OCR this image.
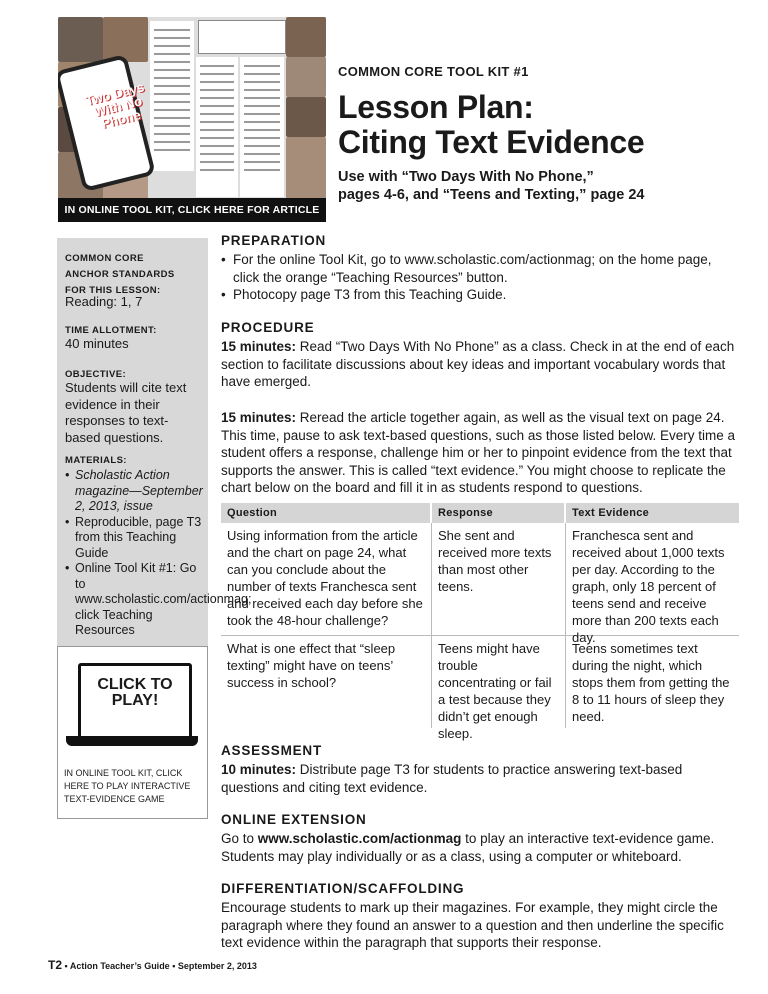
Two Days With No Phone
IN ONLINE TOOL KIT, CLICK HERE FOR ARTICLE
COMMON CORE TOOL KIT #1
Lesson Plan:
Citing Text Evidence
Use with “Two Days With No Phone,”
pages 4-6, and “Teens and Texting,” page 24
COMMON CORE
ANCHOR STANDARDS
FOR THIS LESSON:
Reading: 1, 7
TIME ALLOTMENT:
40 minutes
OBJECTIVE:
Students will cite text evidence in their responses to text-based questions.
MATERIALS:
• Scholastic Action magazine—September 2, 2013, issue
• Reproducible, page T3 from this Teaching Guide
• Online Tool Kit #1: Go to www.scholastic.com/actionmag; click Teaching Resources
CLICK TO PLAY!
IN ONLINE TOOL KIT, CLICK HERE TO PLAY INTERACTIVE TEXT-EVIDENCE GAME
PREPARATION
• For the online Tool Kit, go to www.scholastic.com/actionmag; on the home page, click the orange “Teaching Resources” button.
• Photocopy page T3 from this Teaching Guide.
PROCEDURE
15 minutes: Read “Two Days With No Phone” as a class. Check in at the end of each section to facilitate discussions about key ideas and important vocabulary words that have emerged.
15 minutes: Reread the article together again, as well as the visual text on page 24. This time, pause to ask text-based questions, such as those listed below. Every time a student offers a response, challenge him or her to pinpoint evidence from the text that supports the answer. This is called “text evidence.” You might choose to replicate the chart below on the board and fill it in as students respond to questions.
Question	Response	Text Evidence
Using information from the article and the chart on page 24, what can you conclude about the number of texts Franchesca sent and received each day before she took the 48-hour challenge?
She sent and received more texts than most other teens.
Franchesca sent and received about 1,000 texts per day. According to the graph, only 18 percent of teens send and receive more than 200 texts each day.
What is one effect that “sleep texting” might have on teens’ success in school?
Teens might have trouble concentrating or fail a test because they didn’t get enough sleep.
Teens sometimes text during the night, which stops them from getting the 8 to 11 hours of sleep they need.
ASSESSMENT
10 minutes: Distribute page T3 for students to practice answering text-based questions and citing text evidence.
ONLINE EXTENSION
Go to www.scholastic.com/actionmag to play an interactive text-evidence game. Students may play individually or as a class, using a computer or whiteboard.
DIFFERENTIATION/SCAFFOLDING
Encourage students to mark up their magazines. For example, they might circle the paragraph where they found an answer to a question and then underline the specific text evidence within the paragraph that supports their response.
T2 • Action Teacher’s Guide • September 2, 2013
